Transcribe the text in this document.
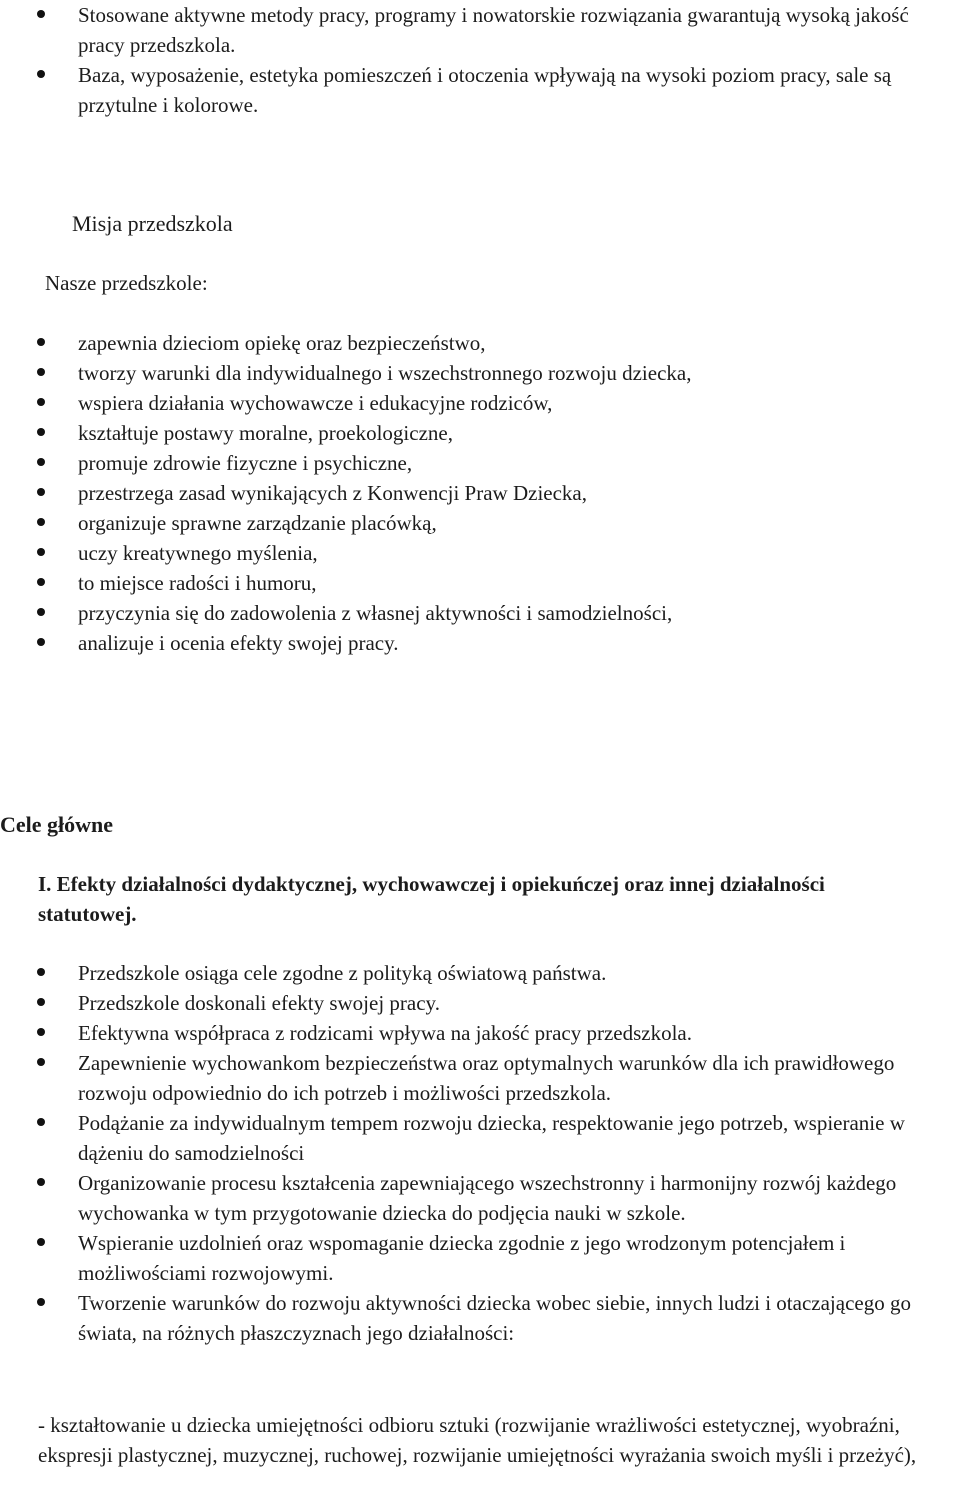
Stosowane aktywne metody pracy, programy i nowatorskie rozwiązania gwarantują wysoką jakość pracy przedszkola.
Baza, wyposażenie, estetyka pomieszczeń i otoczenia wpływają na wysoki poziom pracy, sale są przytulne i kolorowe.
Misja przedszkola
Nasze przedszkole:
zapewnia dzieciom opiekę oraz bezpieczeństwo,
tworzy warunki dla indywidualnego i wszechstronnego rozwoju dziecka,
wspiera działania wychowawcze i edukacyjne rodziców,
kształtuje postawy moralne, proekologiczne,
promuje zdrowie fizyczne i psychiczne,
przestrzega zasad wynikających z Konwencji Praw Dziecka,
organizuje sprawne zarządzanie placówką,
uczy kreatywnego myślenia,
to miejsce radości i humoru,
przyczynia się do zadowolenia z własnej aktywności i samodzielności,
analizuje i ocenia efekty swojej pracy.
Cele główne
I. Efekty działalności dydaktycznej, wychowawczej i opiekuńczej oraz innej działalności statutowej.
Przedszkole osiąga cele zgodne z polityką oświatową państwa.
Przedszkole doskonali efekty swojej pracy.
Efektywna współpraca z rodzicami wpływa na jakość pracy przedszkola.
Zapewnienie wychowankom bezpieczeństwa oraz optymalnych warunków dla ich prawidłowego rozwoju odpowiednio do ich potrzeb i możliwości przedszkola.
Podążanie za indywidualnym tempem rozwoju dziecka, respektowanie jego potrzeb, wspieranie w dążeniu do samodzielności
Organizowanie procesu kształcenia zapewniającego wszechstronny i harmonijny rozwój każdego wychowanka w tym przygotowanie dziecka do podjęcia nauki w szkole.
Wspieranie uzdolnień oraz wspomaganie dziecka zgodnie z jego wrodzonym potencjałem i możliwościami rozwojowymi.
Tworzenie warunków do rozwoju aktywności dziecka wobec siebie, innych ludzi i otaczającego go świata, na różnych płaszczyznach jego działalności:

- kształtowanie u dziecka umiejętności odbioru sztuki (rozwijanie wrażliwości estetycznej, wyobraźni, ekspresji plastycznej, muzycznej, ruchowej, rozwijanie umiejętności wyrażania swoich myśli i przeżyć),
